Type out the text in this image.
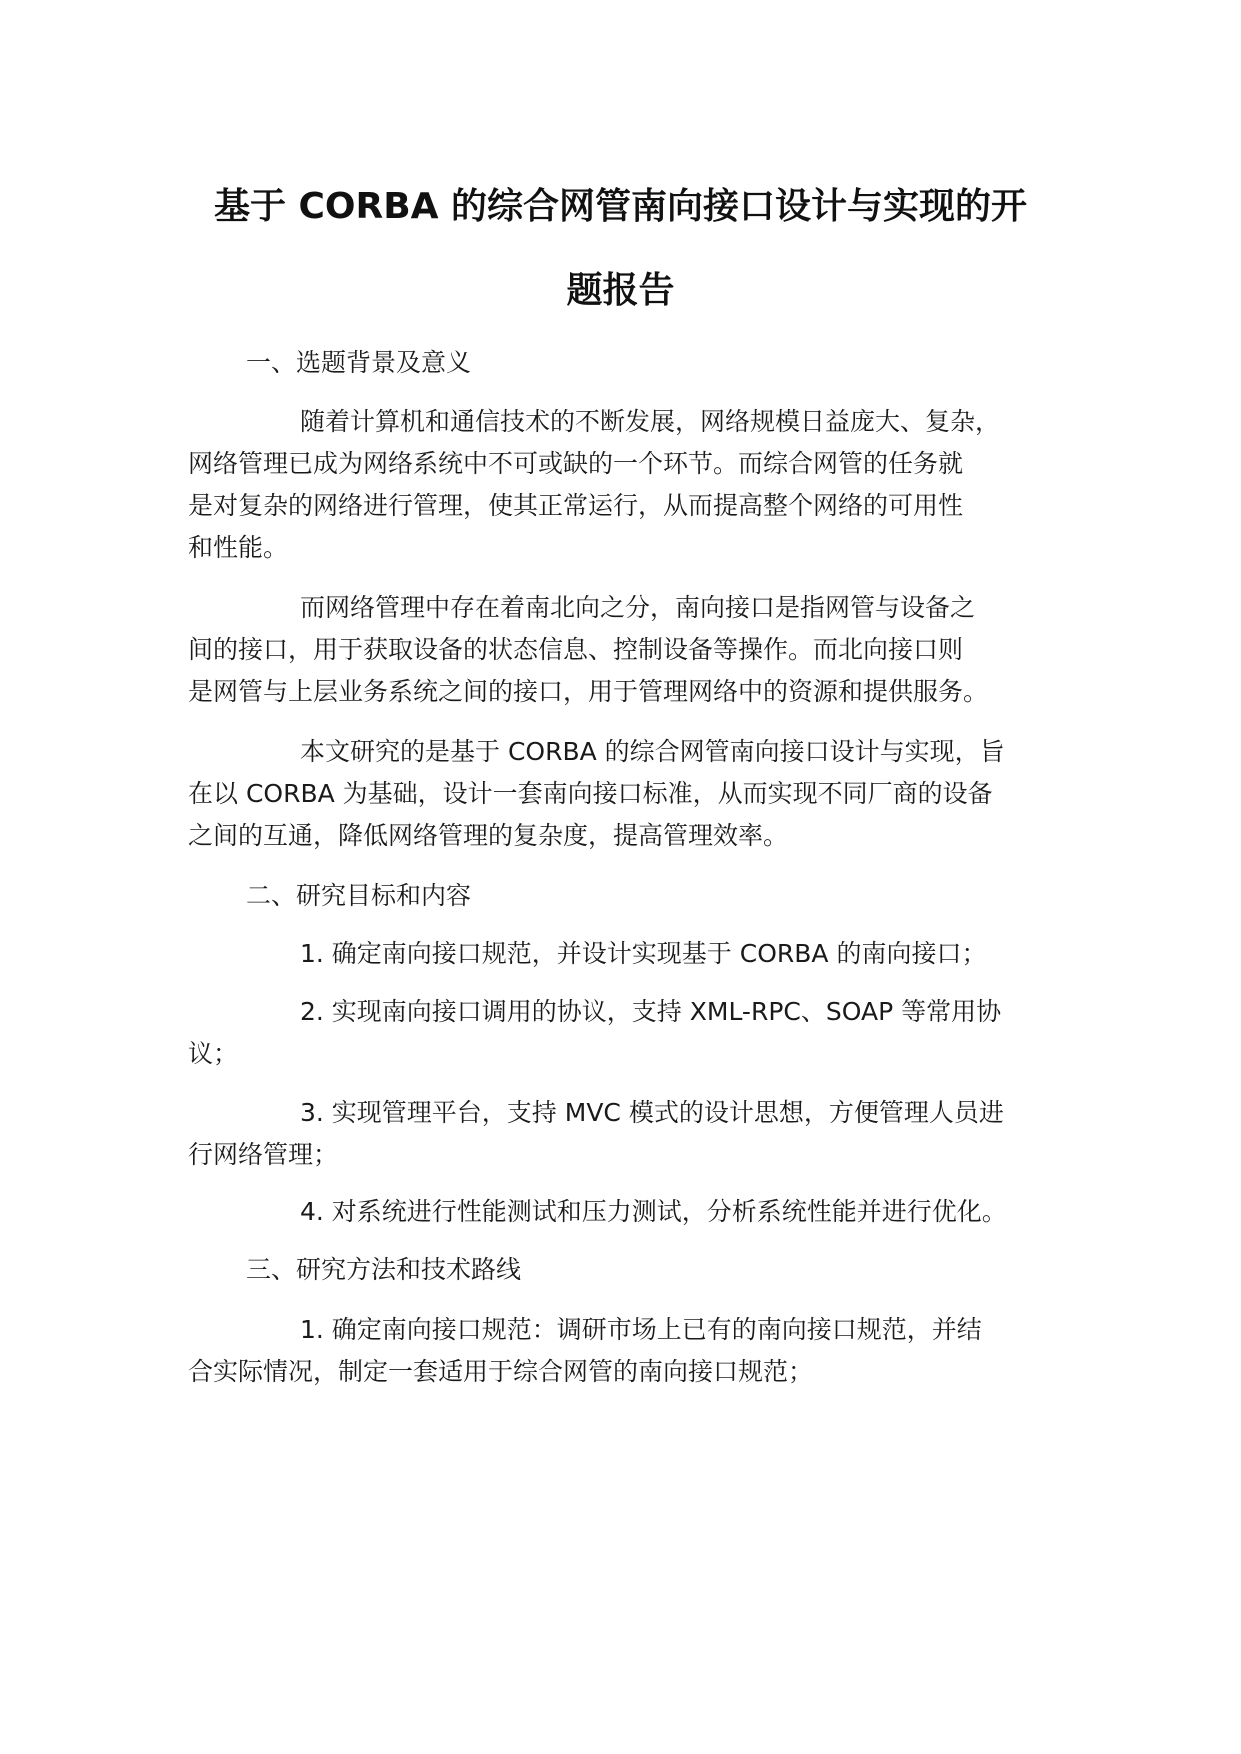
基于 CORBA 的综合网管南向接口设计与实现的开
题报告
一、选题背景及意义
随着计算机和通信技术的不断发展，网络规模日益庞大、复杂，
网络管理已成为网络系统中不可或缺的一个环节。而综合网管的任务就
是对复杂的网络进行管理，使其正常运行，从而提高整个网络的可用性
和性能。
而网络管理中存在着南北向之分，南向接口是指网管与设备之
间的接口，用于获取设备的状态信息、控制设备等操作。而北向接口则
是网管与上层业务系统之间的接口，用于管理网络中的资源和提供服务。
本文研究的是基于 CORBA 的综合网管南向接口设计与实现，旨
在以 CORBA 为基础，设计一套南向接口标准，从而实现不同厂商的设备
之间的互通，降低网络管理的复杂度，提高管理效率。
二、研究目标和内容
1. 确定南向接口规范，并设计实现基于 CORBA 的南向接口；
2. 实现南向接口调用的协议，支持 XML-RPC、SOAP 等常用协
议；
3. 实现管理平台，支持 MVC 模式的设计思想，方便管理人员进
行网络管理；
4. 对系统进行性能测试和压力测试，分析系统性能并进行优化。
三、研究方法和技术路线
1. 确定南向接口规范：调研市场上已有的南向接口规范，并结
合实际情况，制定一套适用于综合网管的南向接口规范；
